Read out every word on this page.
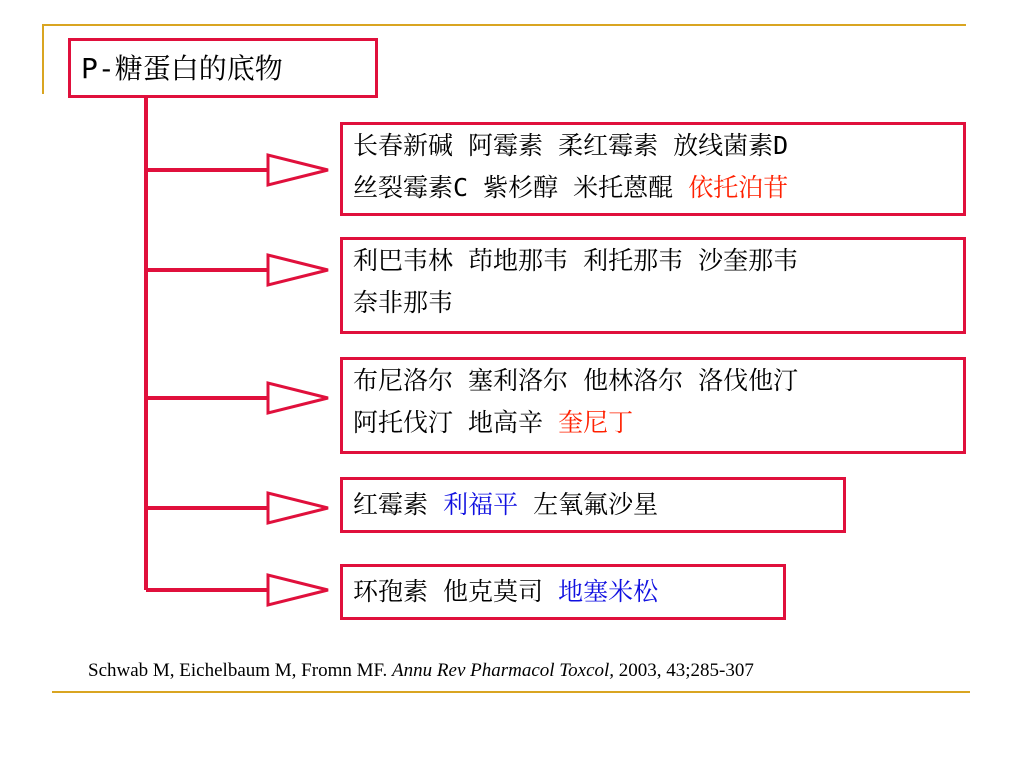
P-糖蛋白的底物
长春新碱 阿霉素 柔红霉素 放线菌素D
丝裂霉素C 紫杉醇 米托蒽醌 依托泊苷
利巴韦林 茚地那韦 利托那韦 沙奎那韦
奈非那韦
布尼洛尔 塞利洛尔 他林洛尔 洛伐他汀
阿托伐汀 地高辛 奎尼丁
红霉素 利福平 左氧氟沙星
环孢素 他克莫司 地塞米松
Schwab M, Eichelbaum M, Fromn MF. Annu Rev Pharmacol Toxcol, 2003, 43;285-307
